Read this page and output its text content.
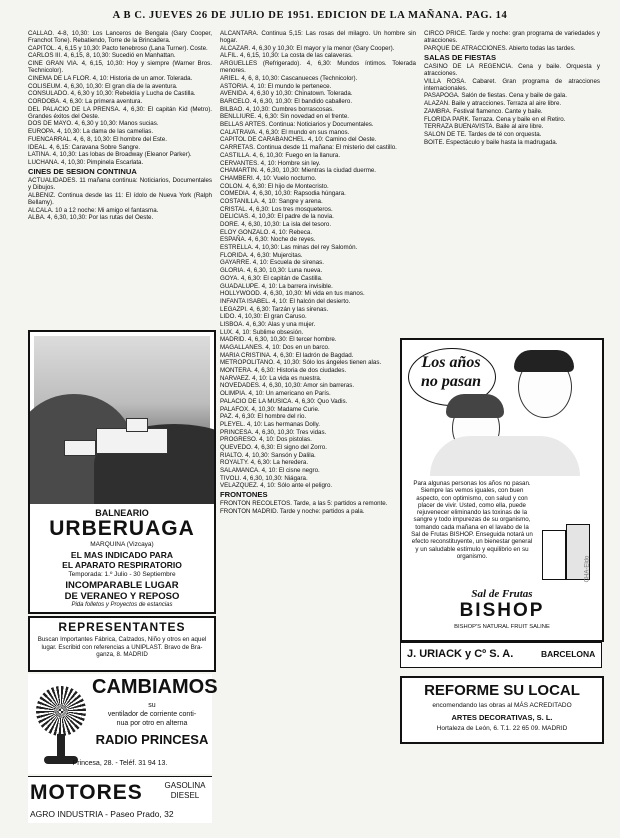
A B C. JUEVES 26 DE JULIO DE 1951. EDICION DE LA MAÑANA. PAG. 14

CALLAO. 4-8, 10,30: Los Lanceros de Bengala (Gary Cooper, Franchot Tone). Rebatiendo, Torre de la Brincadera.

CAPITOL. 4, 6,15 y 10,30: Pacto tenebroso (Lana Turner). Coste.

CARLOS III. 4, 6,15, 8, 10,30: Sucedió en Manhattan.

CINE GRAN VIA. 4, 6,15, 10,30: Hoy y siempre (Warner Bros. Technicolor).

CINEMA DE LA FLOR. 4, 10: Historia de un amor. Tolerada.

COLISEUM. 4, 6,30, 10,30: El gran día de la aventura.

CONSULADO. 4, 6,30 y 10,30: Rebeldía y Lucha de Castilla.

CORDOBA. 4, 6,30: La primera aventura.

DEL PALACIO DE LA PRENSA. 4, 6,30: El capitán Kid (Metro). Grandes éxitos del Oeste.

DOS DE MAYO. 4, 6,30 y 10,30: Manos sucias.

EUROPA. 4, 10,30: La dama de las camelias.

FUENCARRAL. 4, 6, 8, 10,30: El hombre del Este.

IDEAL. 4, 6,15: Caravana Sobre Sangre.

LATINA. 4, 10,30: Las lobas de Broadway (Eleanor Parker).

LUCHANA. 4, 10,30: Pimpinela Escarlata.

CINES DE SESION CONTINUA

ACTUALIDADES. 11 mañana continua: Noticiarios, Documentales y Dibujos.

ALBENIZ. Continua desde las 11: El ídolo de Nueva York (Ralph Bellamy).

ALCALA. 10 a 12 noche: Mi amigo el fantasma.

ALBA. 4, 6,30, 10,30: Por las rutas del Oeste.

ALCANTARA. Continua 5,15: Las rosas del milagro. Un hombre sin hogar.

ALCAZAR. 4, 6,30 y 10,30: El mayor y la menor (Gary Cooper).

ALFIL. 4, 6,15, 10,30: La costa de las calaveras.

ARGUELLES (Refrigerado). 4, 6,30: Mundos íntimos. Tolerada menores.

ARIEL. 4, 6, 8, 10,30: Cascanueces (Technicolor).

ASTORIA. 4, 10: El mundo le pertenece.

AVENIDA. 4, 6,30 y 10,30: Chinatown. Tolerada.

BARCELO. 4, 6,30, 10,30: El bandido caballero.

BILBAO. 4, 10,30: Cumbres borrascosas.

BENLLIURE. 4, 6,30: Sin novedad en el frente.

BELLAS ARTES. Continua: Noticiarios y Documentales.

CALATRAVA. 4, 6,30: El mundo en sus manos.

CAPITOL DE CARABANCHEL. 4, 10: Camino del Oeste.

CARRETAS. Continua desde 11 mañana: El misterio del castillo.

CASTILLA. 4, 6, 10,30: Fuego en la llanura.

CERVANTES. 4, 10: Hombre sin ley.

CHAMARTIN. 4, 6,30, 10,30: Mientras la ciudad duerme.

CHAMBERI. 4, 10: Vuelo nocturno.

COLON. 4, 6,30: El hijo de Montecristo.

COMEDIA. 4, 6,30, 10,30: Rapsodia húngara.

COSTANILLA. 4, 10: Sangre y arena.

CRISTAL. 4, 6,30: Los tres mosqueteros.

DELICIAS. 4, 10,30: El padre de la novia.

DORE. 4, 6,30, 10,30: La isla del tesoro.

ELOY GONZALO. 4, 10: Rebeca.

ESPAÑA. 4, 6,30: Noche de reyes.

ESTRELLA. 4, 10,30: Las minas del rey Salomón.

FLORIDA. 4, 6,30: Mujercitas.

GAYARRE. 4, 10: Escuela de sirenas.

GLORIA. 4, 6,30, 10,30: Luna nueva.

GOYA. 4, 6,30: El capitán de Castilla.

GUADALUPE. 4, 10: La barrera invisible.

HOLLYWOOD. 4, 6,30, 10,30: Mi vida en tus manos.

INFANTA ISABEL. 4, 10: El halcón del desierto.

LEGAZPI. 4, 6,30: Tarzán y las sirenas.

LIDO. 4, 10,30: El gran Caruso.

LISBOA. 4, 6,30: Alas y una mujer.

LUX. 4, 10: Sublime obsesión.

MADRID. 4, 6,30, 10,30: El tercer hombre.

MAGALLANES. 4, 10: Dos en un barco.

MARIA CRISTINA. 4, 6,30: El ladrón de Bagdad.

METROPOLITANO. 4, 10,30: Sólo los ángeles tienen alas.

MONTERA. 4, 6,30: Historia de dos ciudades.

NARVAEZ. 4, 10: La vida es nuestra.

NOVEDADES. 4, 6,30, 10,30: Amor sin barreras.

OLIMPIA. 4, 10: Un americano en París.

PALACIO DE LA MUSICA. 4, 6,30: Quo Vadis.

PALAFOX. 4, 10,30: Madame Curie.

PAZ. 4, 6,30: El hombre del río.

PLEYEL. 4, 10: Las hermanas Dolly.

PRINCESA. 4, 6,30, 10,30: Tres vidas.

PROGRESO. 4, 10: Dos pistolas.

QUEVEDO. 4, 6,30: El signo del Zorro.

RIALTO. 4, 10,30: Sansón y Dalila.

ROYALTY. 4, 6,30: La heredera.

SALAMANCA. 4, 10: El cisne negro.

TIVOLI. 4, 6,30, 10,30: Niágara.

VELAZQUEZ. 4, 10: Sólo ante el peligro.

FRONTONES

FRONTON RECOLETOS. Tarde, a las 5: partidos a remonte.

FRONTON MADRID. Tarde y noche: partidos a pala.

CIRCO PRICE. Tarde y noche: gran programa de variedades y atracciones.

PARQUE DE ATRACCIONES. Abierto todas las tardes.

SALAS DE FIESTAS

CASINO DE LA REGENCIA. Cena y baile. Orquesta y atracciones.

VILLA ROSA. Cabaret. Gran programa de atracciones internacionales.

PASAPOGA. Salón de fiestas. Cena y baile de gala.

ALAZAN. Baile y atracciones. Terraza al aire libre.

ZAMBRA. Festival flamenco. Cante y baile.

FLORIDA PARK. Terraza. Cena y baile en el Retiro.

TERRAZA BUENAVISTA. Baile al aire libre.

SALON DE TE. Tardes de té con orquesta.

BOITE. Espectáculo y baile hasta la madrugada.

BALNEARIO
URBERUAGA
MARQUINA (Vizcaya)
EL MAS INDICADO PARA
EL APARATO RESPIRATORIO
Temporada: 1.º Julio - 30 Septiembre
INCOMPARABLE LUGAR
DE VERANEO Y REPOSO
Pida folletos y Proyectos de estancias
REPRESENTANTES
Buscan Importantes Fábrica, Calzados, Niño y otros en aquel lugar. Escribid con referencias a UNIPLAST. Bravo de Bra- ganza, 8. MADRID
CAMBIAMOS
su
ventilador de corriente conti-
nua por otro en alterna
RADIO PRINCESA
Princesa, 28. - Teléf. 31 94 13.
MOTORES	GASOLINA
DIESEL
AGRO INDUSTRIA - Paseo Prado, 32
Los años
no pasan
Para algunas personas los años no pasan. Siempre las vemos iguales, con buen aspecto, con optimismo, con salud y con placer de vivir. Usted, como ella, puede rejuvenecer eliminando las toxinas de la sangre y todo impurezas de su organismo, tomando cada mañana en el lavabo de la Sal de Frutas BISHOP. Enseguida notará un efecto reconstituyente, un bienestar general y un saludable estímulo y equilibrio en su organismo.	CHA-Eldo
Sal de Frutas
BISHOP
BISHOP'S NATURAL FRUIT SALINE
J. URIACK y Cº S. A.	BARCELONA
REFORME SU LOCAL
encomendando las obras al MÁS ACREDITADO
ARTES DECORATIVAS, S. L.
Hortaleza de León, 6. T.1. 22 65 09. MADRID
